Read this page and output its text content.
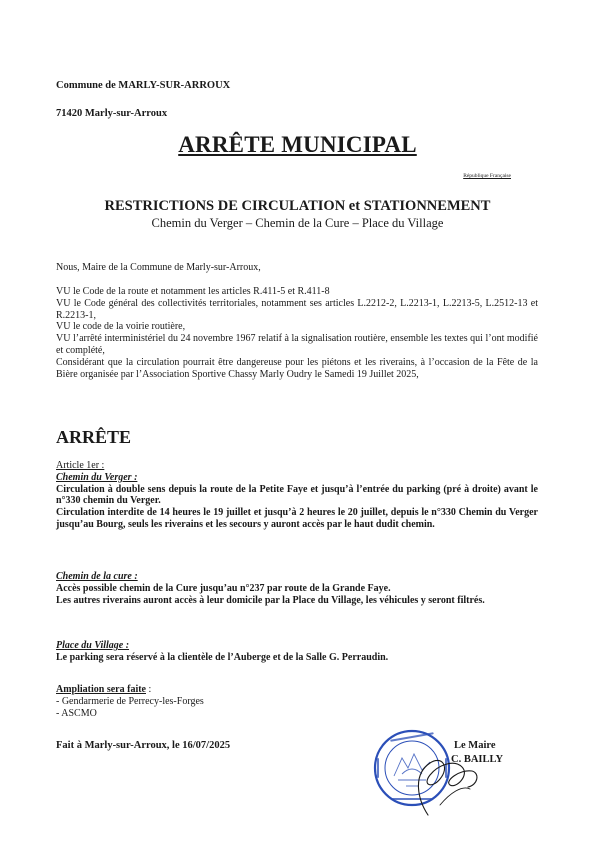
Commune de MARLY-SUR-ARROUX
71420 Marly-sur-Arroux
ARRÊTE MUNICIPAL
République Française
RESTRICTIONS DE CIRCULATION et STATIONNEMENT
Chemin du Verger – Chemin de la Cure – Place du Village
Nous, Maire de la Commune de Marly-sur-Arroux,
VU le Code de la route et notamment les articles R.411-5 et R.411-8
VU le Code général des collectivités territoriales, notamment ses articles L.2212-2, L.2213-1, L.2213-5, L.2512-13 et R.2213-1,
VU le code de la voirie routière,
VU l’arrêté interministériel du 24 novembre 1967 relatif à la signalisation routière, ensemble les textes qui l’ont modifié et complété,
Considérant que la circulation pourrait être dangereuse pour les piétons et les riverains, à l’occasion de la Fête de la Bière organisée par l’Association Sportive Chassy Marly Oudry le Samedi 19 Juillet 2025,
ARRÊTE
Article 1er :
Chemin du Verger :
Circulation à double sens depuis la route de la Petite Faye et jusqu’à l’entrée du parking (pré à droite) avant le n°330 chemin du Verger.
Circulation interdite de 14 heures le 19 juillet et jusqu’à 2 heures le 20 juillet, depuis le n°330 Chemin du Verger jusqu’au Bourg, seuls les riverains et les secours y auront accès par le haut dudit chemin.
Chemin de la cure :
Accès possible chemin de la Cure jusqu’au n°237 par route de la Grande Faye.
Les autres riverains auront accès à leur domicile par la Place du Village, les véhicules y seront filtrés.
Place du Village :
Le parking sera réservé à la clientèle de l’Auberge et de la Salle G. Perraudin.
Ampliation sera faite :
- Gendarmerie de Perrecy-les-Forges
- ASCMO
Fait à Marly-sur-Arroux, le 16/07/2025	Le Maire
C. BAILLY
